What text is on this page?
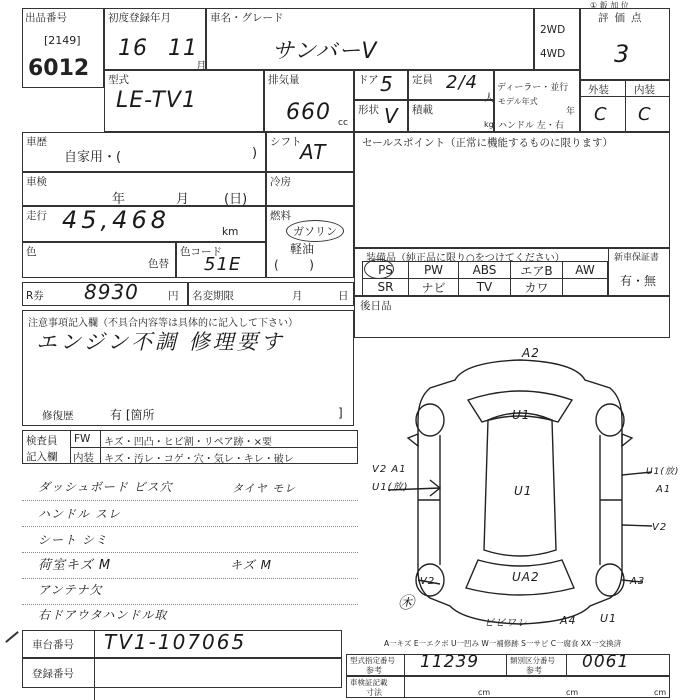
出品番号
[2149]
6012
初度登録年月
16 11
月
車名・グレード
サンバーV
2WD
4WD
評価点
3
① 鈑 加 位
型式
LE-TV1
排気量
660 cc
ドア 5 定員 2/4
人
形状 V 積載
kg
ディーラー・並行
モデル年式
年
ハンドル 左・右
外装 内装
C C
車歴
自家用・(	)
シフト
AT	セールスポイント（正常に機能するものに限ります）
車検
年	月	(日)
冷房
走行 45,468	km
燃料
ガソリン
軽油
(        )
色
色替
色コード
51E	装備品（純正品に限り○をつけてください）	新車保証書
有・無
PS	PW	ABS	エアB	AW
SR	ナビ	TV	カワ
後日品
R券 8930	円 名変期限	月	日
注意事項記入欄（不具合内容等は具体的に記入して下さい）
エンジン不調 修理要す
修復歴	有 [箇所	]
検査員
記入欄
FW キズ・凹凸・ヒビ割・リペア跡・×要
内装 キズ・汚レ・コゲ・穴・気レ・キレ・破レ
ダッシュボード ビス穴
ハンドル スレ
シート シミ
荷室キズ M
アンテナ欠
右ドアウタハンドル取
タイヤ モレ
キズ M
A2
U1
U1
V2 A1
U1(放)
U1(放)
A1
V2
V2	UA2	A3
ビビワレ	A4 U1
㊍
A一キズ E一エクボ U一凹み W一補修跡 S一サビ C一腐食 XX一交換済
車台番号 TV1-107065
登録番号
型式指定番号
参考 11239	類別区分番号
参考 0061
車検証記載
寸法	cm	cm	cm
